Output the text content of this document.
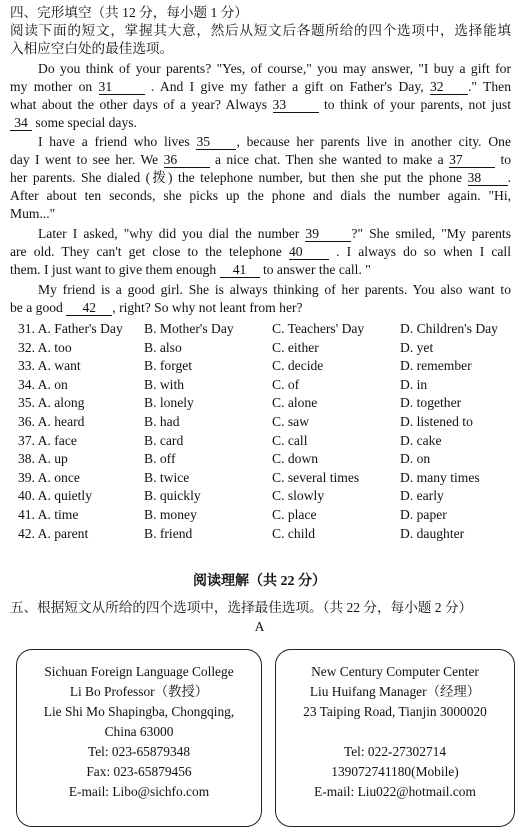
四、完形填空（共 12 分，每小题 1 分）
阅读下面的短文，掌握其大意，然后从短文后各题所给的四个选项中，选择能填
入相应空白处的最佳选项。
Do you think of your parents? "Yes, of course," you may answer, "I buy a gift for
my mother on 31	. And I give my father a gift on Father's Day, 32 ." Then
what about the other days of a year? Always 33	to think of your parents, not just
34 some special days.
I have a friend who lives 35 , because her parents live in another city. One
day I went to see her. We 36	a nice chat. Then she wanted to make a 37	to
her parents. She dialed (拨) the telephone number, but then she put the phone 38 .
After about ten seconds, she picks up the phone and dials the number again. "Hi,
Mum..."
Later I asked, "why did you dial the number 39 ?" She smiled, "My parents
are old. They can't get close to the telephone 40 . I always do so when I call
them. I just want to give them enough 41 to answer the call. "
My friend is a good girl. She is always thinking of her parents. You also want to
be a good 42 , right? So why not leant from her?
31. A. Father's Day B. Mother's Day	C. Teachers' Day	D. Children's Day
32. A. too	B. also	C. either	D. yet
33. A. want	B. forget	C. decide	D. remember
34. A. on	B. with	C. of	D. in
35. A. along	B. lonely	C. alone	D. together
36. A. heard	B. had	C. saw	D. listened to
37. A. face	B. card	C. call	D. cake
38. A. up	B. off	C. down	D. on
39. A. once	B. twice	C. several times	D. many times
40. A. quietly	B. quickly	C. slowly	D. early
41. A. time	B. money	C. place	D. paper
42. A. parent	B. friend	C. child	D. daughter
阅读理解（共 22 分）
五、根据短文从所给的四个选项中，选择最佳选项。（共 22 分，每小题 2 分）
A
Sichuan Foreign Language College
Li Bo Professor（教授）
Lie Shi Mo Shapingba, Chongqing,
China 63000
Tel: 023-65879348
Fax: 023-65879456
E-mail: Libo@sichfo.com
New Century Computer Center
Liu Huifang Manager（经理）
23 Taiping Road, Tianjin 3000020
Tel: 022-27302714
139072741180(Mobile)
E-mail: Liu022@hotmail.com
